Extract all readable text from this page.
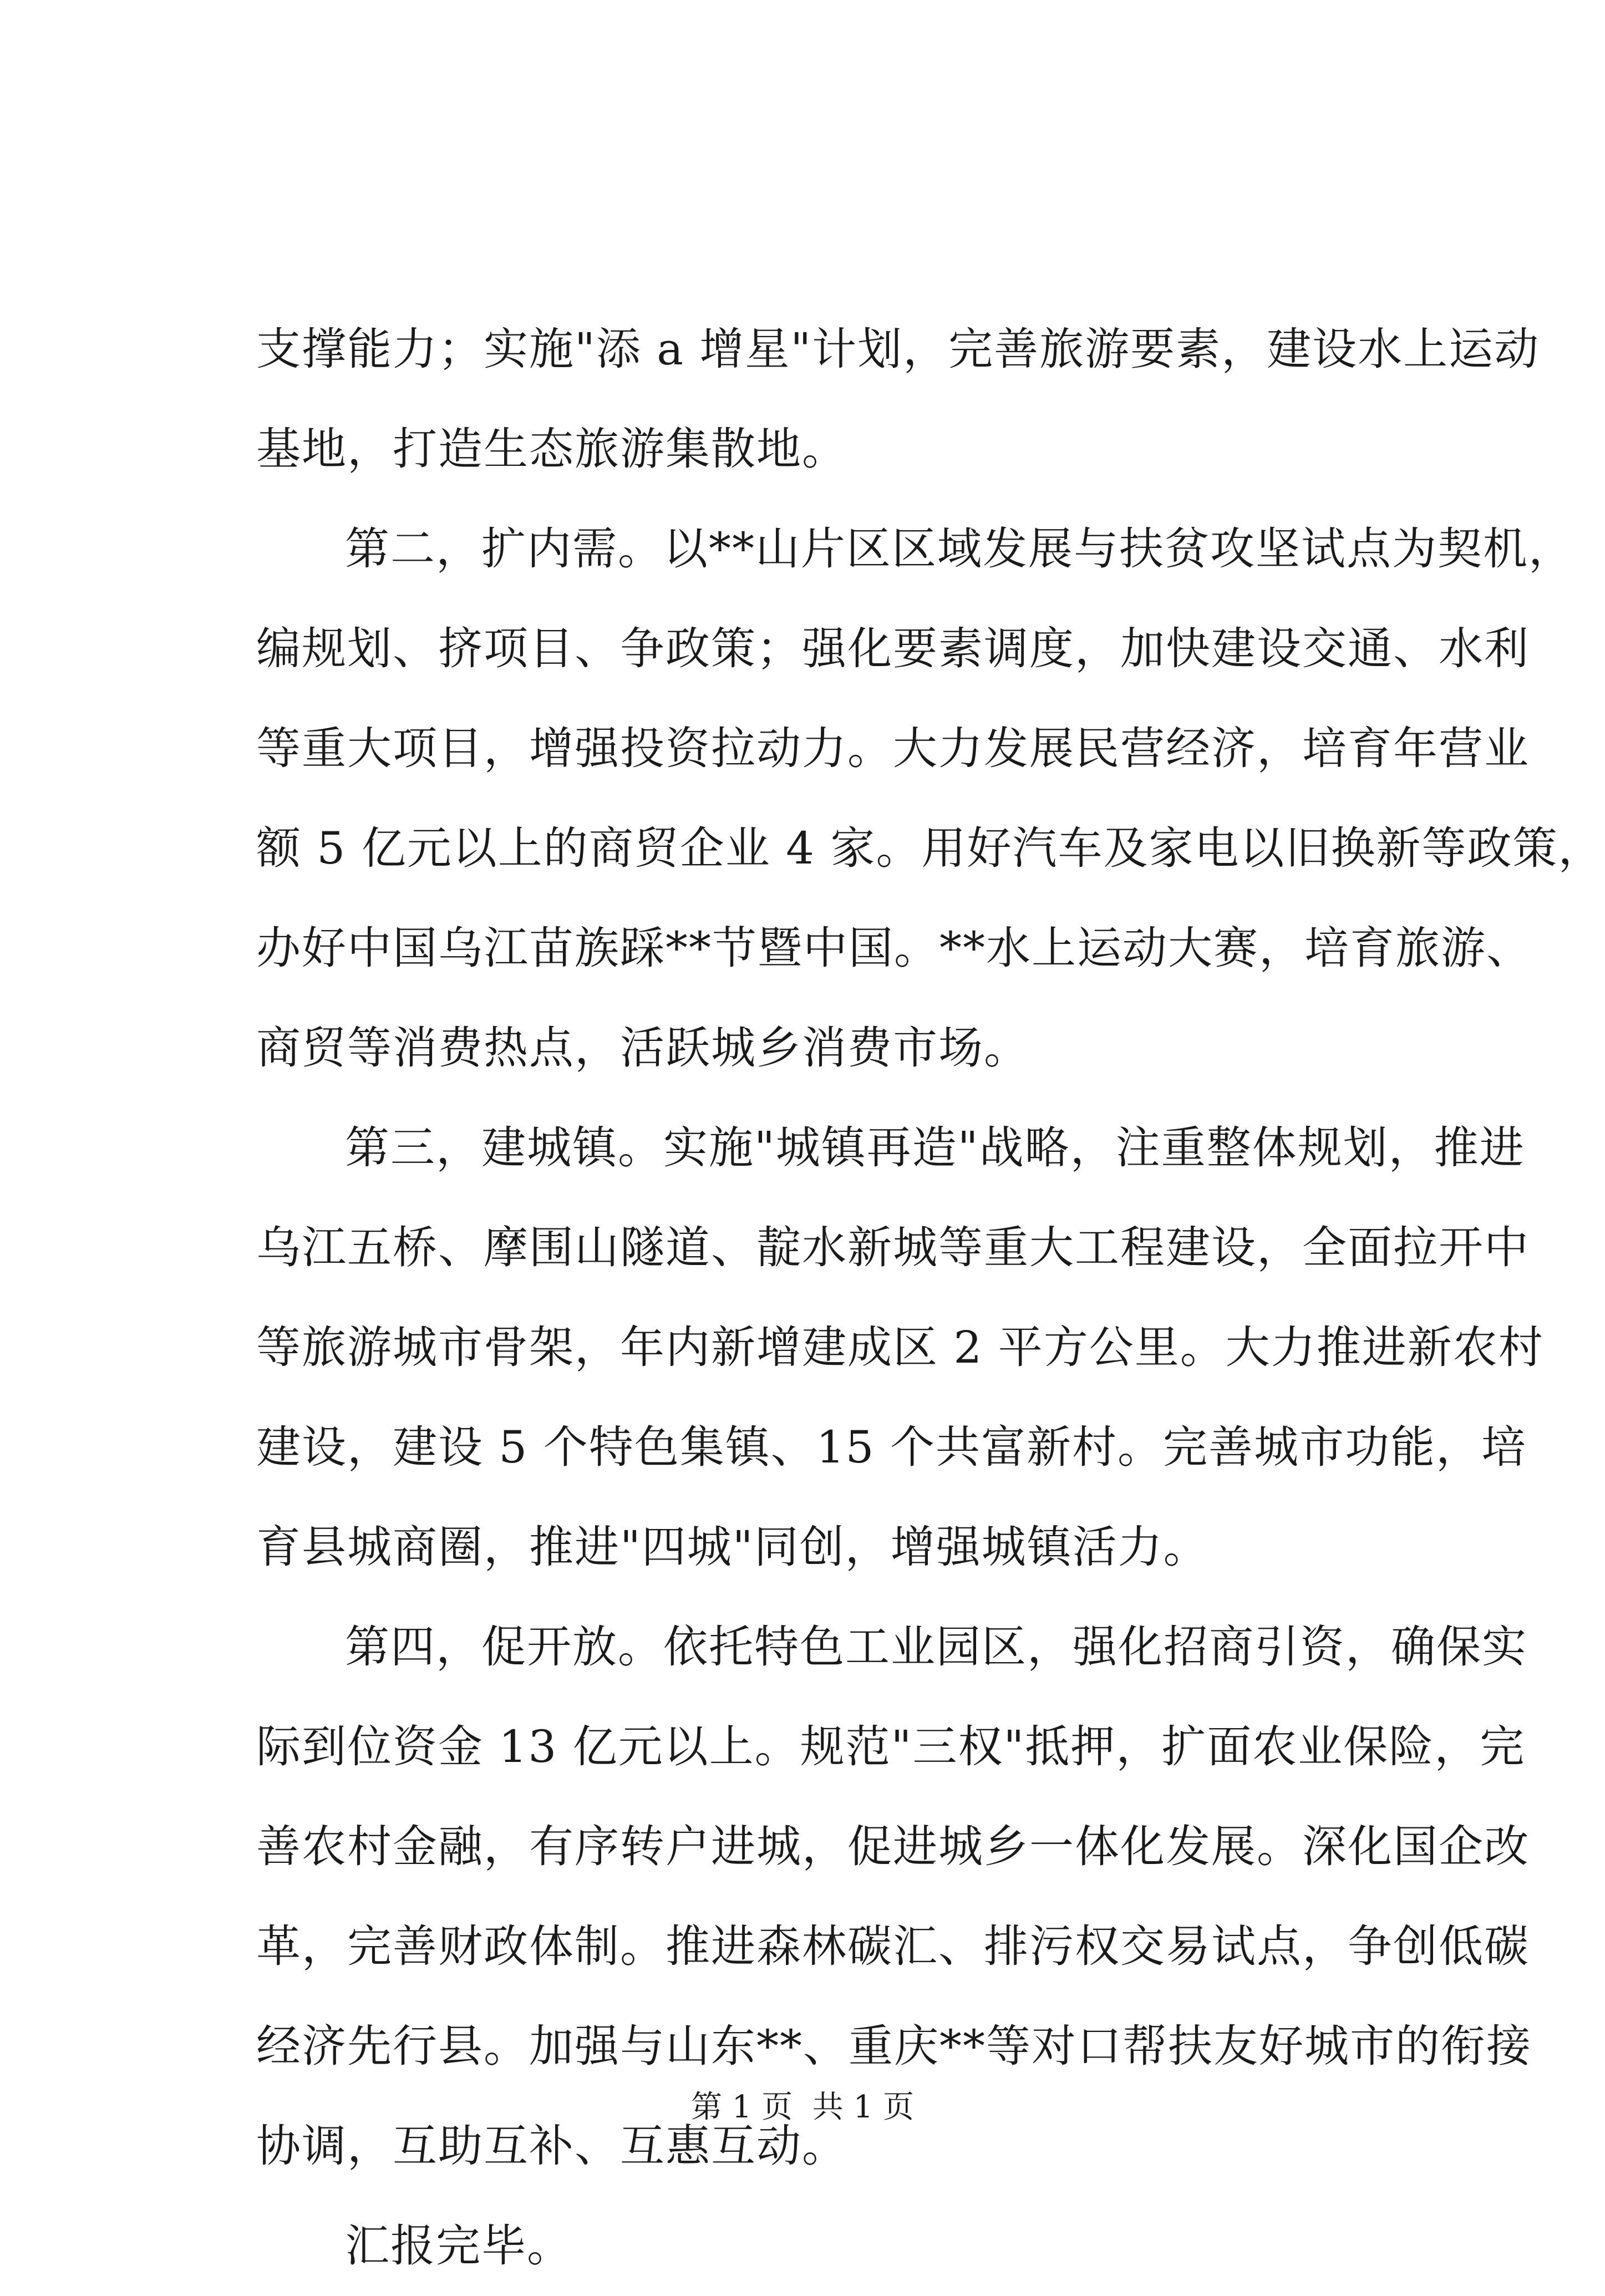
支撑能力；实施"添 a 增星"计划，完善旅游要素，建设水上运动
基地，打造生态旅游集散地。
第二，扩内需。以**山片区区域发展与扶贫攻坚试点为契机，
编规划、挤项目、争政策；强化要素调度，加快建设交通、水利
等重大项目，增强投资拉动力。大力发展民营经济，培育年营业
额 5 亿元以上的商贸企业 4 家。用好汽车及家电以旧换新等政策，
办好中国乌江苗族踩**节暨中国。**水上运动大赛，培育旅游、
商贸等消费热点，活跃城乡消费市场。
第三，建城镇。实施"城镇再造"战略，注重整体规划，推进
乌江五桥、摩围山隧道、靛水新城等重大工程建设，全面拉开中
等旅游城市骨架，年内新增建成区 2 平方公里。大力推进新农村
建设，建设 5 个特色集镇、15 个共富新村。完善城市功能，培
育县城商圈，推进"四城"同创，增强城镇活力。
第四，促开放。依托特色工业园区，强化招商引资，确保实
际到位资金 13 亿元以上。规范"三权"抵押，扩面农业保险，完
善农村金融，有序转户进城，促进城乡一体化发展。深化国企改
革，完善财政体制。推进森林碳汇、排污权交易试点，争创低碳
经济先行县。加强与山东**、重庆**等对口帮扶友好城市的衔接
协调，互助互补、互惠互动。
汇报完毕。
第 1 页  共 1 页
